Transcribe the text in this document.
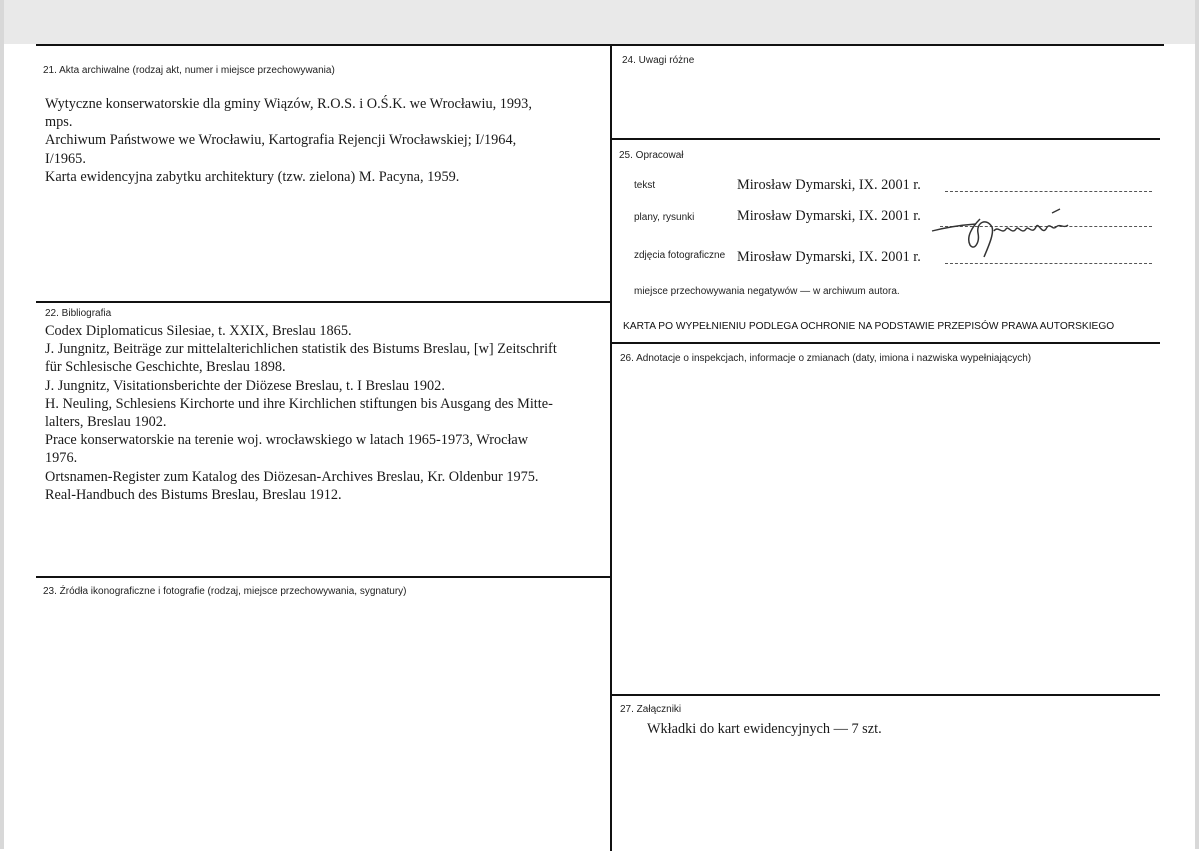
21. Akta archiwalne (rodzaj akt, numer i miejsce przechowywania)
Wytyczne konserwatorskie dla gminy Wiązów, R.O.S. i O.Ś.K. we Wrocławiu, 1993,
mps.
Archiwum Państwowe we Wrocławiu, Kartografia Rejencji Wrocławskiej; I/1964,
I/1965.
Karta ewidencyjna zabytku architektury (tzw. zielona) M. Pacyna, 1959.
22. Bibliografia
Codex Diplomaticus Silesiae, t. XXIX, Breslau 1865.
J. Jungnitz, Beiträge zur mittelalterichlichen statistik des Bistums Breslau, [w] Zeitschrift
für Schlesische Geschichte, Breslau 1898.
J. Jungnitz, Visitationsberichte der Diözese Breslau, t. I Breslau 1902.
H. Neuling, Schlesiens Kirchorte und ihre Kirchlichen stiftungen bis Ausgang des Mitte-
lalters, Breslau 1902.
Prace konserwatorskie na terenie woj. wrocławskiego w latach 1965-1973, Wrocław
1976.
Ortsnamen-Register zum Katalog des Diözesan-Archives Breslau, Kr. Oldenbur 1975.
Real-Handbuch des Bistums Breslau, Breslau 1912.
23. Źródła ikonograficzne i fotografie (rodzaj, miejsce przechowywania, sygnatury)
24. Uwagi różne
25. Opracował
tekst	Mirosław Dymarski, IX. 2001 r.
plany, rysunki	Mirosław Dymarski, IX. 2001 r.
zdjęcia fotograficzne Mirosław Dymarski, IX. 2001 r.
miejsce przechowywania negatywów — w archiwum autora.
KARTA PO WYPEŁNIENIU PODLEGA OCHRONIE NA PODSTAWIE PRZEPISÓW PRAWA AUTORSKIEGO
26. Adnotacje o inspekcjach, informacje o zmianach (daty, imiona i nazwiska wypełniających)
27. Załączniki
Wkładki do kart ewidencyjnych — 7 szt.
